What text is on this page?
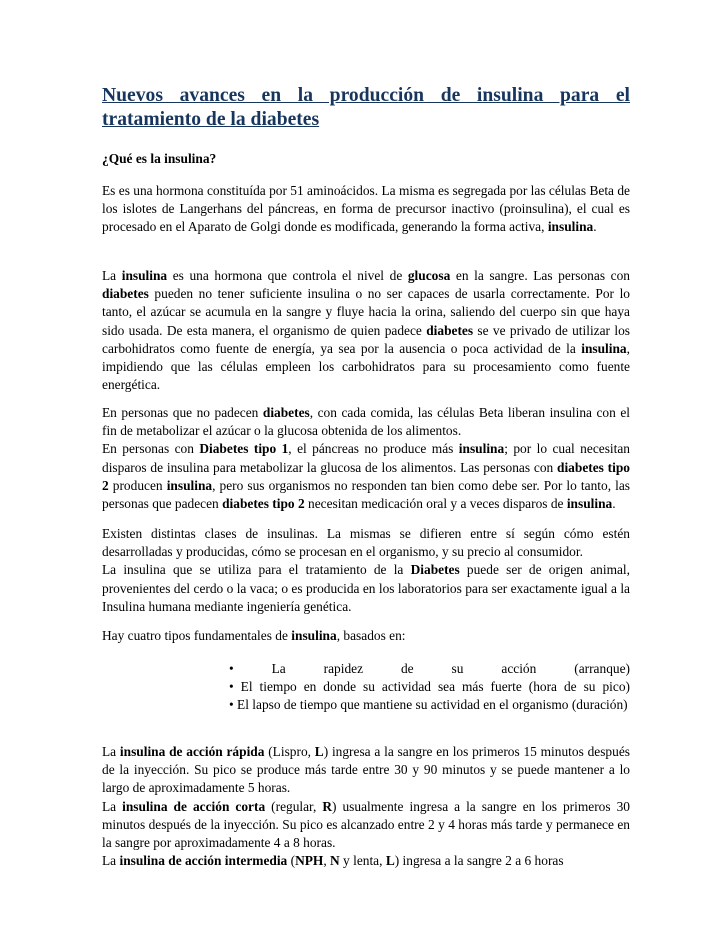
Nuevos avances en la producción de insulina para el tratamiento de la diabetes

¿Qué es la insulina?

Es es una hormona constituída por 51 aminoácidos. La misma es segregada por las células Beta de los islotes de Langerhans del páncreas, en forma de precursor inactivo (proinsulina), el cual es procesado en el Aparato de Golgi donde es modificada, generando la forma activa, insulina.

La insulina es una hormona que controla el nivel de glucosa en la sangre. Las personas con diabetes pueden no tener suficiente insulina o no ser capaces de usarla correctamente. Por lo tanto, el azúcar se acumula en la sangre y fluye hacia la orina, saliendo del cuerpo sin que haya sido usada. De esta manera, el organismo de quien padece diabetes se ve privado de utilizar los carbohidratos como fuente de energía, ya sea por la ausencia o poca actividad de la insulina, impidiendo que las células empleen los carbohidratos para su procesamiento como fuente energética.

En personas que no padecen diabetes, con cada comida, las células Beta liberan insulina con el fin de metabolizar el azúcar o la glucosa obtenida de los alimentos.
En personas con Diabetes tipo 1, el páncreas no produce más insulina; por lo cual necesitan disparos de insulina para metabolizar la glucosa de los alimentos. Las personas con diabetes tipo 2 producen insulina, pero sus organismos no responden tan bien como debe ser. Por lo tanto, las personas que padecen diabetes tipo 2 necesitan medicación oral y a veces disparos de insulina.

Existen distintas clases de insulinas. La mismas se difieren entre sí según cómo estén desarrolladas y producidas, cómo se procesan en el organismo, y su precio al consumidor.
La insulina que se utiliza para el tratamiento de la Diabetes puede ser de origen animal, provenientes del cerdo o la vaca; o es producida en los laboratorios para ser exactamente igual a la Insulina humana mediante ingeniería genética.

Hay cuatro tipos fundamentales de insulina, basados en:

• La rapidez de su acción (arranque)
• El tiempo en donde su actividad sea más fuerte (hora de su pico)
• El lapso de tiempo que mantiene su actividad en el organismo (duración)

La insulina de acción rápida (Lispro, L) ingresa a la sangre en los primeros 15 minutos después de la inyección. Su pico se produce más tarde entre 30 y 90 minutos y se puede mantener a lo largo de aproximadamente 5 horas.
La insulina de acción corta (regular, R) usualmente ingresa a la sangre en los primeros 30 minutos después de la inyección. Su pico es alcanzado entre 2 y 4 horas más tarde y permanece en la sangre por aproximadamente 4 a 8 horas.
La insulina de acción intermedia (NPH, N y lenta, L) ingresa a la sangre 2 a 6 horas
